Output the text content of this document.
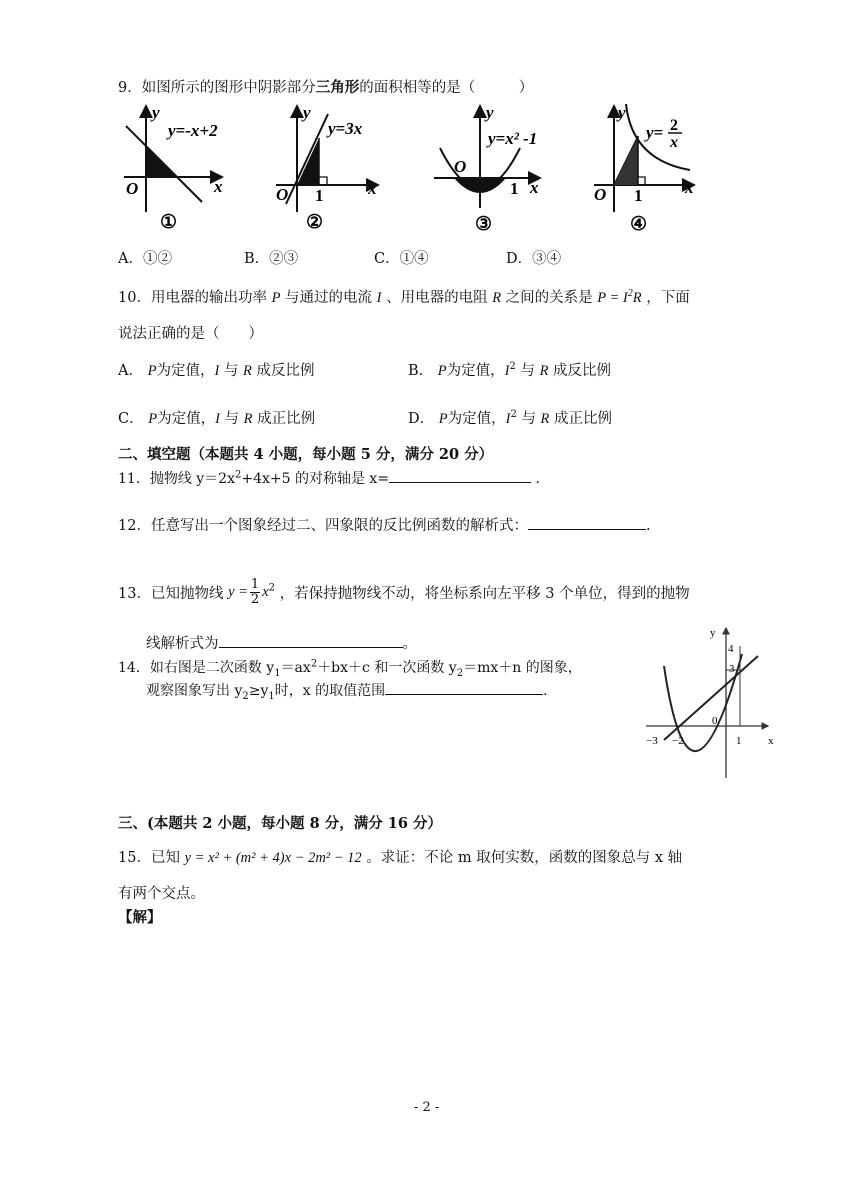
9．如图所示的图形中阴影部分三角形的面积相等的是（　　　）
y
y=-x+2
O	x
①
y
y=3x
O 1	x
②
y
y=x² -1
O
1 x
③
y
y= 2
x
O 1	x
④
A．①②	B．②③	C．①④	D．③④
10．用电器的输出功率 P 与通过的电流 I 、用电器的电阻 R 之间的关系是 $P = I^2R$ ，下面
说法正确的是（　　）
A． P为定值，I 与 R 成反比例	B． P为定值，$I^2$ 与 R 成反比例
C． P为定值，I 与 R 成正比例	D． P为定值，$I^2$ 与 R 成正比例
二、填空题（本题共 4 小题，每小题 5 分，满分 20 分）
11．抛物线 $y=2x^2+4x+5$ 的对称轴是 x=	．
12．任意写出一个图象经过二、四象限的反比例函数的解析式：	.
13．已知抛物线 $y = \frac{1}{2} x^2$ ，若保持抛物线不动，将坐标系向左平移 3 个单位，得到的抛物
线解析式为	。
14．如右图是二次函数 $y_1=ax^2+bx+c$ 和一次函数 $y_2=mx+n$ 的图象，
观察图象写出 $y_2\ge y_1$时，x 的取值范围	.
y
4
3
0
−3 −2	1 x
三、(本题共 2 小题，每小题 8 分，满分 16 分）
15．已知 y = x² + (m² + 4)x − 2m² − 12 。求证：不论 m 取何实数，函数的图象总与 x 轴
有两个交点。
【解】
- 2 -
